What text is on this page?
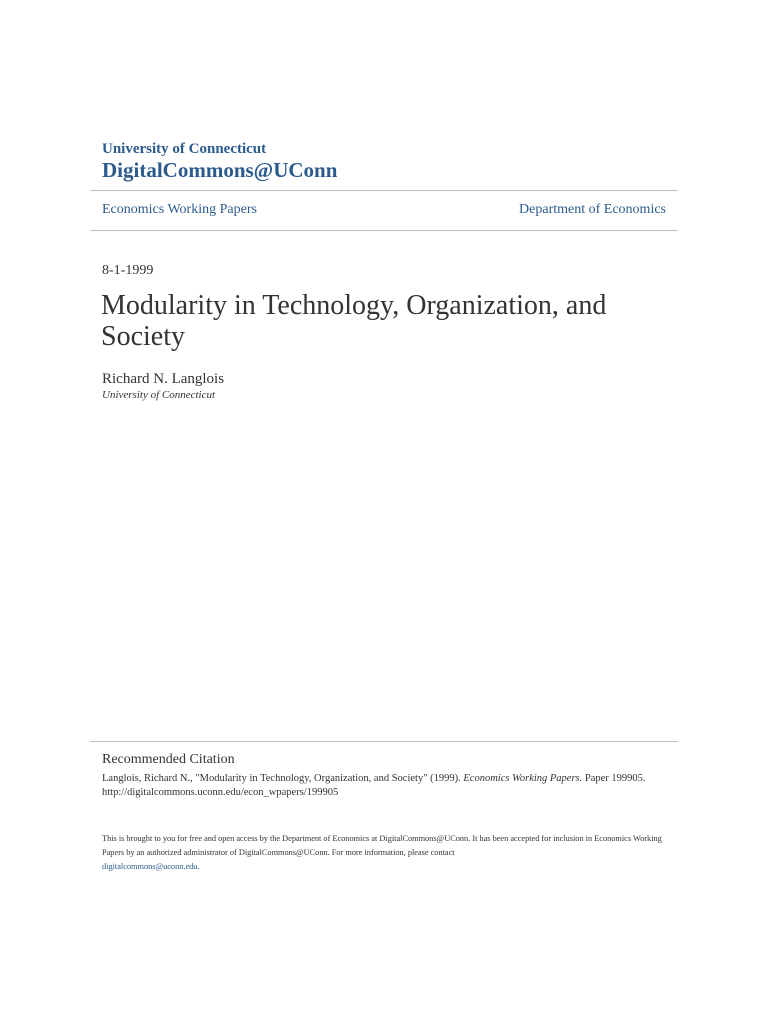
University of Connecticut
DigitalCommons@UConn
Economics Working Papers	Department of Economics
8-1-1999
Modularity in Technology, Organization, and Society
Richard N. Langlois
University of Connecticut
Recommended Citation
Langlois, Richard N., "Modularity in Technology, Organization, and Society" (1999). Economics Working Papers. Paper 199905.
http://digitalcommons.uconn.edu/econ_wpapers/199905
This is brought to you for free and open access by the Department of Economics at DigitalCommons@UConn. It has been accepted for inclusion in Economics Working Papers by an authorized administrator of DigitalCommons@UConn. For more information, please contact
digitalcommons@uconn.edu.
